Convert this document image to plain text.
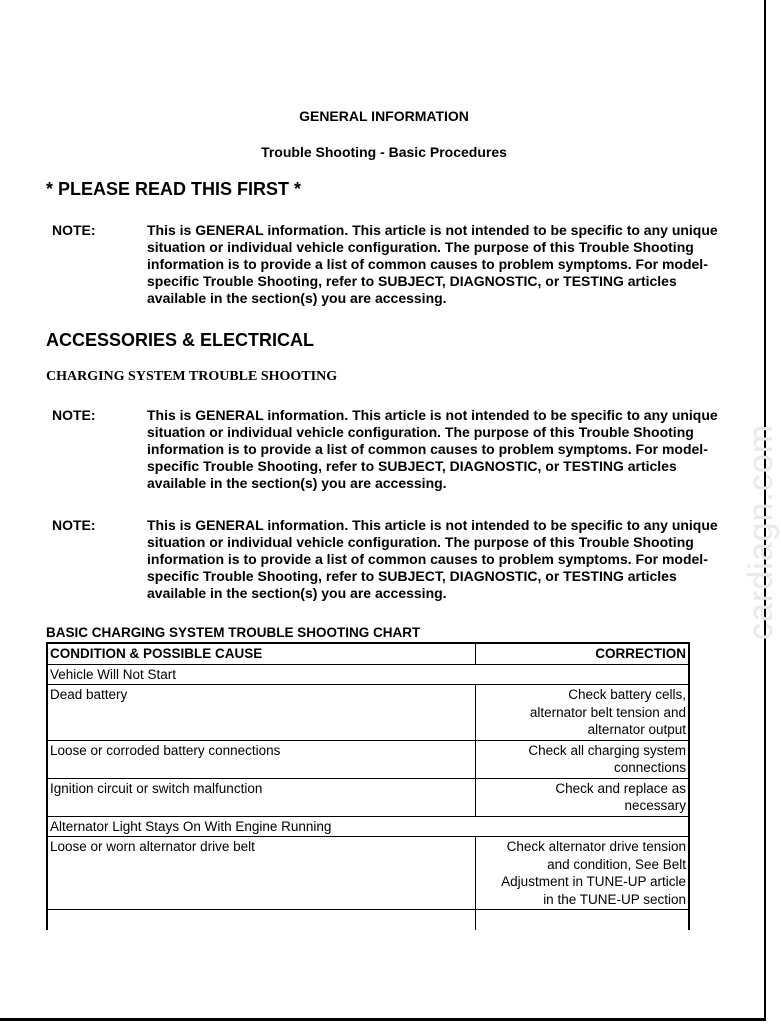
cardiagn.com
GENERAL INFORMATION
Trouble Shooting - Basic Procedures
* PLEASE READ THIS FIRST *
NOTE:	This is GENERAL information. This article is not intended to be specific to any unique situation or individual vehicle configuration. The purpose of this Trouble Shooting information is to provide a list of common causes to problem symptoms. For model-specific Trouble Shooting, refer to SUBJECT, DIAGNOSTIC, or TESTING articles available in the section(s) you are accessing.
ACCESSORIES & ELECTRICAL
CHARGING SYSTEM TROUBLE SHOOTING
NOTE:	This is GENERAL information. This article is not intended to be specific to any unique situation or individual vehicle configuration. The purpose of this Trouble Shooting information is to provide a list of common causes to problem symptoms. For model-specific Trouble Shooting, refer to SUBJECT, DIAGNOSTIC, or TESTING articles available in the section(s) you are accessing.
NOTE:	This is GENERAL information. This article is not intended to be specific to any unique situation or individual vehicle configuration. The purpose of this Trouble Shooting information is to provide a list of common causes to problem symptoms. For model-specific Trouble Shooting, refer to SUBJECT, DIAGNOSTIC, or TESTING articles available in the section(s) you are accessing.
BASIC CHARGING SYSTEM TROUBLE SHOOTING CHART
CONDITION & POSSIBLE CAUSE	CORRECTION
Vehicle Will Not Start	
Dead battery	Check battery cells, alternator belt tension and alternator output
Loose or corroded battery connections	Check all charging system connections
Ignition circuit or switch malfunction	Check and replace as necessary
Alternator Light Stays On With Engine Running	
Loose or worn alternator drive belt	Check alternator drive tension and condition, See Belt Adjustment in TUNE-UP article in the TUNE-UP section
